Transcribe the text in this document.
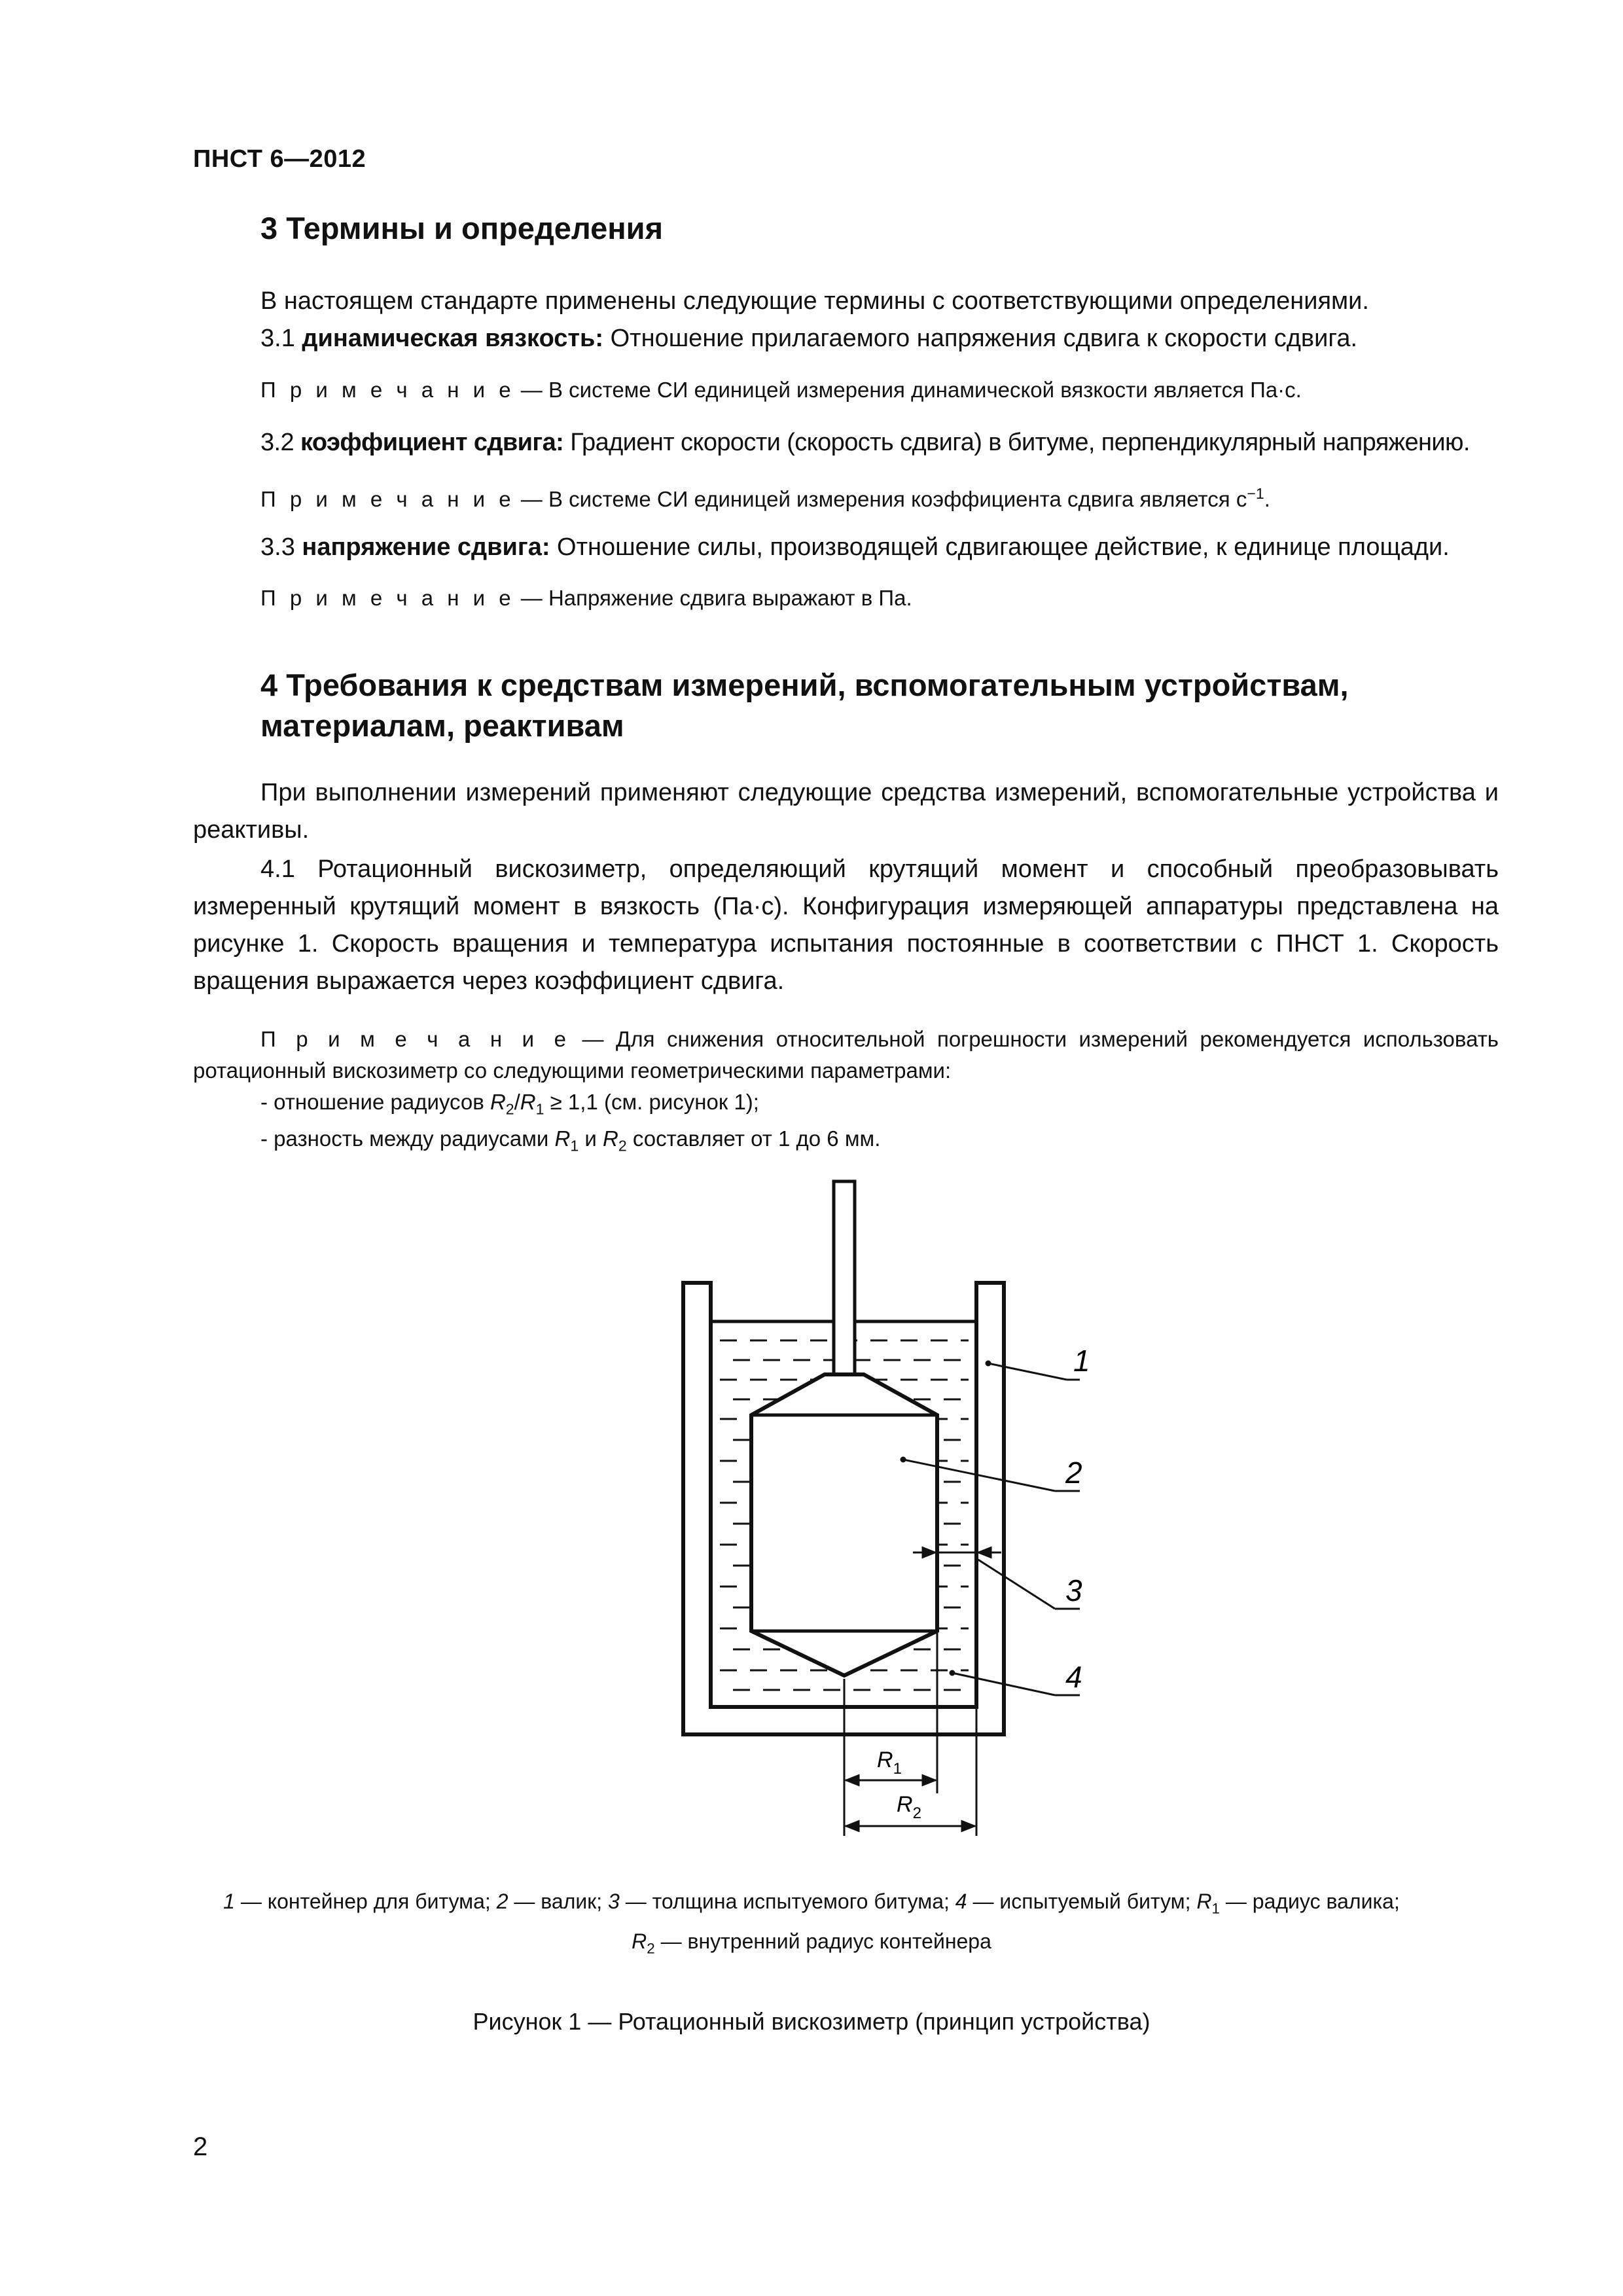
ПНСТ 6—2012
3 Термины и определения
В настоящем стандарте применены следующие термины с соответствующими определениями.
3.1 динамическая вязкость: Отношение прилагаемого напряжения сдвига к скорости сдвига.
П р и м е ч а н и е — В системе СИ единицей измерения динамической вязкости является Па·с.
3.2 коэффициент сдвига: Градиент скорости (скорость сдвига) в битуме, перпендикулярный напряжению.
П р и м е ч а н и е — В системе СИ единицей измерения коэффициента сдвига является $с^{-1}$.
3.3 напряжение сдвига: Отношение силы, производящей сдвигающее действие, к единице площади.
П р и м е ч а н и е — Напряжение сдвига выражают в Па.
4 Требования к средствам измерений, вспомогательным устройствам,
материалам, реактивам
При выполнении измерений применяют следующие средства измерений, вспомогательные устройства и реактивы.
4.1 Ротационный вискозиметр, определяющий крутящий момент и способный преобразовывать измеренный крутящий момент в вязкость (Па·с). Конфигурация измеряющей аппаратуры представлена на рисунке 1. Скорость вращения и температура испытания постоянные в соответствии с ПНСТ 1. Скорость вращения выражается через коэффициент сдвига.
П р и м е ч а н и е — Для снижения относительной погрешности измерений рекомендуется использовать ротационный вискозиметр со следующими геометрическими параметрами:
- отношение радиусов $R_2/R_1 \ge 1,1$ (см. рисунок 1);
- разность между радиусами $R_1$ и $R_2$ составляет от 1 до 6 мм.
1
2
3
4
$R_1$
$R_2$
1 — контейнер для битума; 2 — валик; 3 — толщина испытуемого битума; 4 — испытуемый битум; $R_1$ — радиус валика;
$R_2$ — внутренний радиус контейнера
Рисунок 1 — Ротационный вискозиметр (принцип устройства)
2
